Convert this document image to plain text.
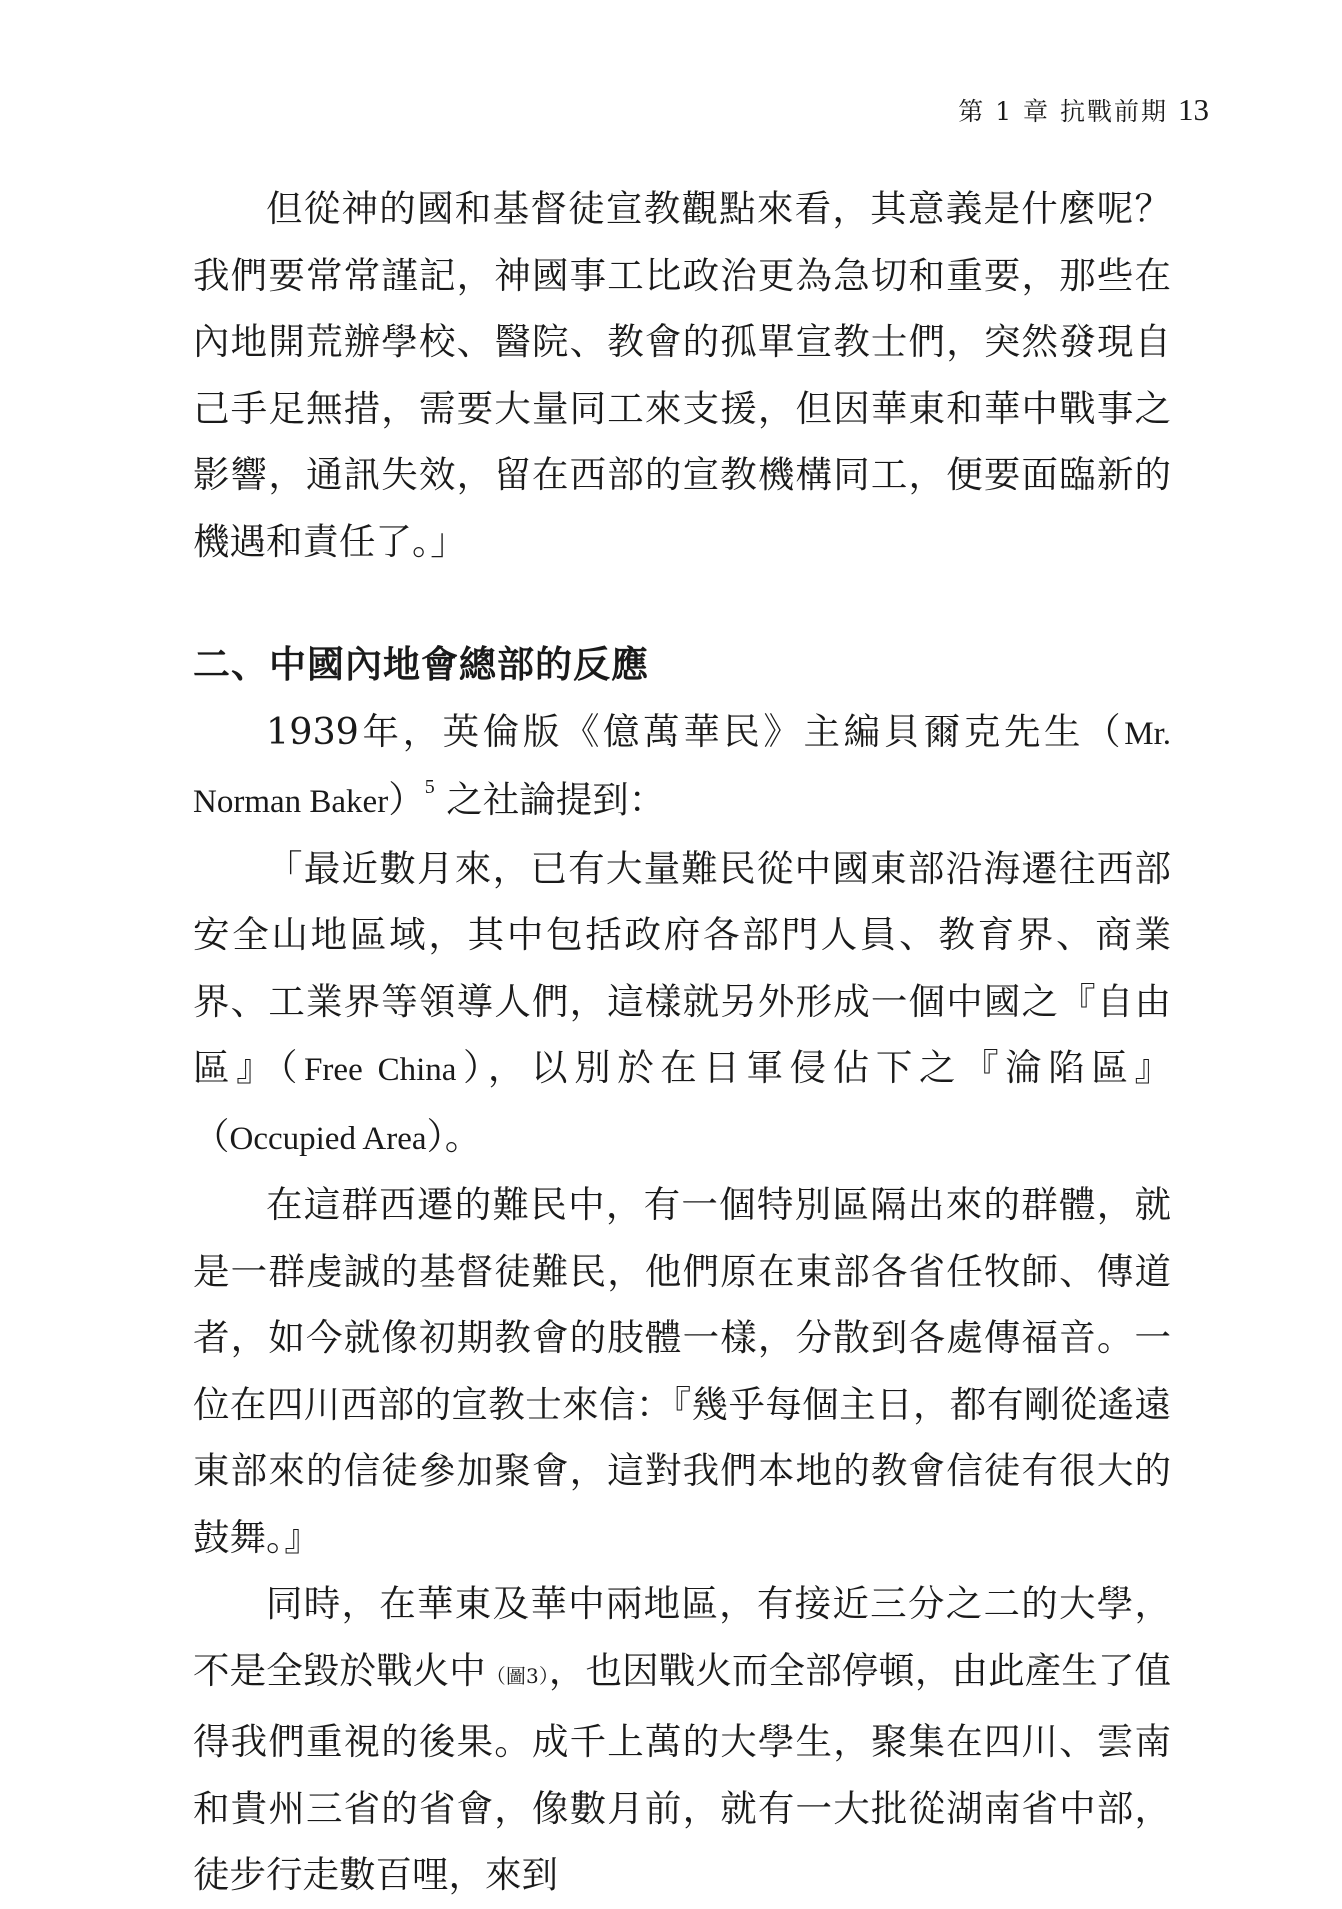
第 1 章 抗戰前期 13

但從神的國和基督徒宣教觀點來看，其意義是什麼呢？我們要常常謹記，神國事工比政治更為急切和重要，那些在內地開荒辦學校、醫院、教會的孤單宣教士們，突然發現自己手足無措，需要大量同工來支援，但因華東和華中戰事之影響，通訊失效，留在西部的宣教機構同工，便要面臨新的機遇和責任了。」

二、中國內地會總部的反應

1939年，英倫版《億萬華民》主編貝爾克先生（Mr. Norman Baker）$^5$ 之社論提到：

「最近數月來，已有大量難民從中國東部沿海遷往西部安全山地區域，其中包括政府各部門人員、教育界、商業界、工業界等領導人們，這樣就另外形成一個中國之『自由區』（Free China），以別於在日軍侵佔下之『淪陷區』（Occupied Area）。

在這群西遷的難民中，有一個特別區隔出來的群體，就是一群虔誠的基督徒難民，他們原在東部各省任牧師、傳道者，如今就像初期教會的肢體一樣，分散到各處傳福音。一位在四川西部的宣教士來信：『幾乎每個主日，都有剛從遙遠東部來的信徒參加聚會，這對我們本地的教會信徒有很大的鼓舞。』

同時，在華東及華中兩地區，有接近三分之二的大學，不是全毀於戰火中（圖3），也因戰火而全部停頓，由此產生了值得我們重視的後果。成千上萬的大學生，聚集在四川、雲南和貴州三省的省會，像數月前，就有一大批從湖南省中部，徒步行走數百哩，來到
